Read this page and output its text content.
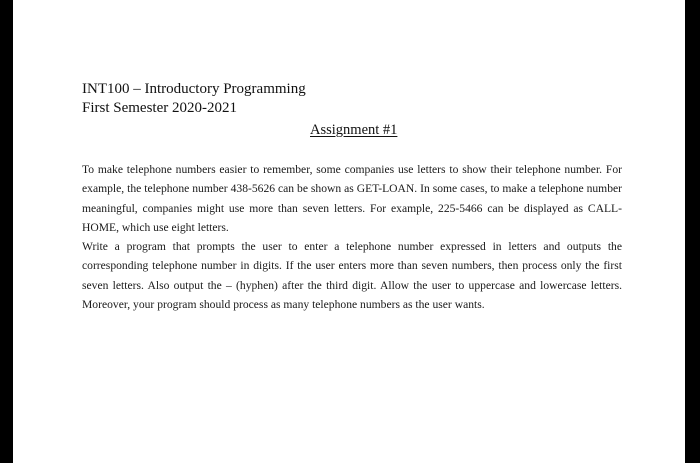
INT100 – Introductory Programming
First Semester 2020-2021
Assignment #1

To make telephone numbers easier to remember, some companies use letters to show their telephone number. For example, the telephone number 438-5626 can be shown as GET-LOAN. In some cases, to make a telephone number meaningful, companies might use more than seven letters. For example, 225-5466 can be displayed as CALL-HOME, which use eight letters.

Write a program that prompts the user to enter a telephone number expressed in letters and outputs the corresponding telephone number in digits. If the user enters more than seven numbers, then process only the first seven letters. Also output the – (hyphen) after the third digit. Allow the user to uppercase and lowercase letters. Moreover, your program should process as many telephone numbers as the user wants.
